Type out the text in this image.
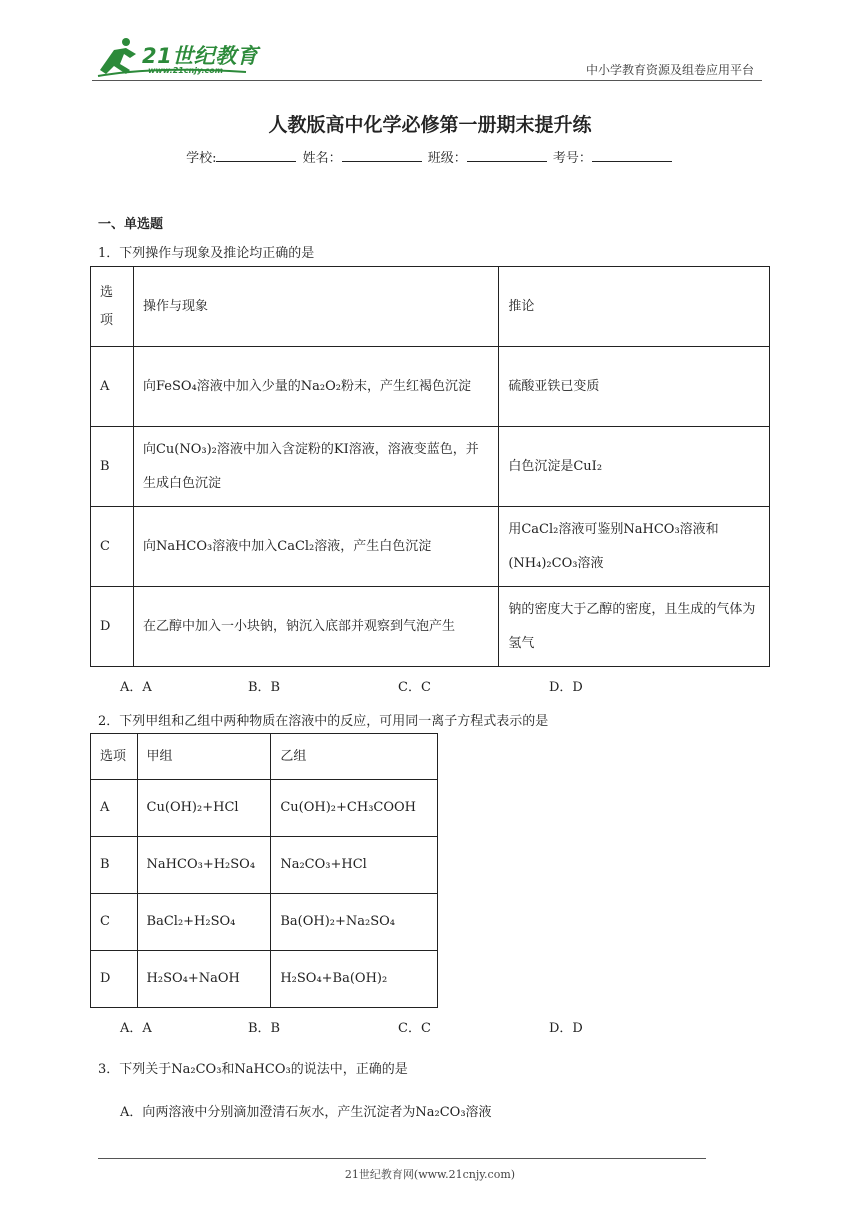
21世纪教育
www.21cnjy.com	中小学教育资源及组卷应用平台
人教版高中化学必修第一册期末提升练
学校:	姓名：	班级：	考号：
一、单选题
1．下列操作与现象及推论均正确的是
选项	操作与现象	推论
A	向FeSO₄溶液中加入少量的Na₂O₂粉末，产生红褐色沉淀	硫酸亚铁已变质
B	向Cu(NO₃)₂溶液中加入含淀粉的KI溶液，溶液变蓝色，并生成白色沉淀	白色沉淀是CuI₂
C	向NaHCO₃溶液中加入CaCl₂溶液，产生白色沉淀	用CaCl₂溶液可鉴别NaHCO₃溶液和(NH₄)₂CO₃溶液
D	在乙醇中加入一小块钠，钠沉入底部并观察到气泡产生	钠的密度大于乙醇的密度，且生成的气体为氢气
A．A	B．B	C．C	D．D
2．下列甲组和乙组中两种物质在溶液中的反应，可用同一离子方程式表示的是
选项	甲组	乙组
A	Cu(OH)₂+HCl	Cu(OH)₂+CH₃COOH
B	NaHCO₃+H₂SO₄	Na₂CO₃+HCl
C	BaCl₂+H₂SO₄	Ba(OH)₂+Na₂SO₄
D	H₂SO₄+NaOH	H₂SO₄+Ba(OH)₂
A．A	B．B	C．C	D．D
3．下列关于Na₂CO₃和NaHCO₃的说法中，正确的是
A．向两溶液中分别滴加澄清石灰水，产生沉淀者为Na₂CO₃溶液
21世纪教育网(www.21cnjy.com)
